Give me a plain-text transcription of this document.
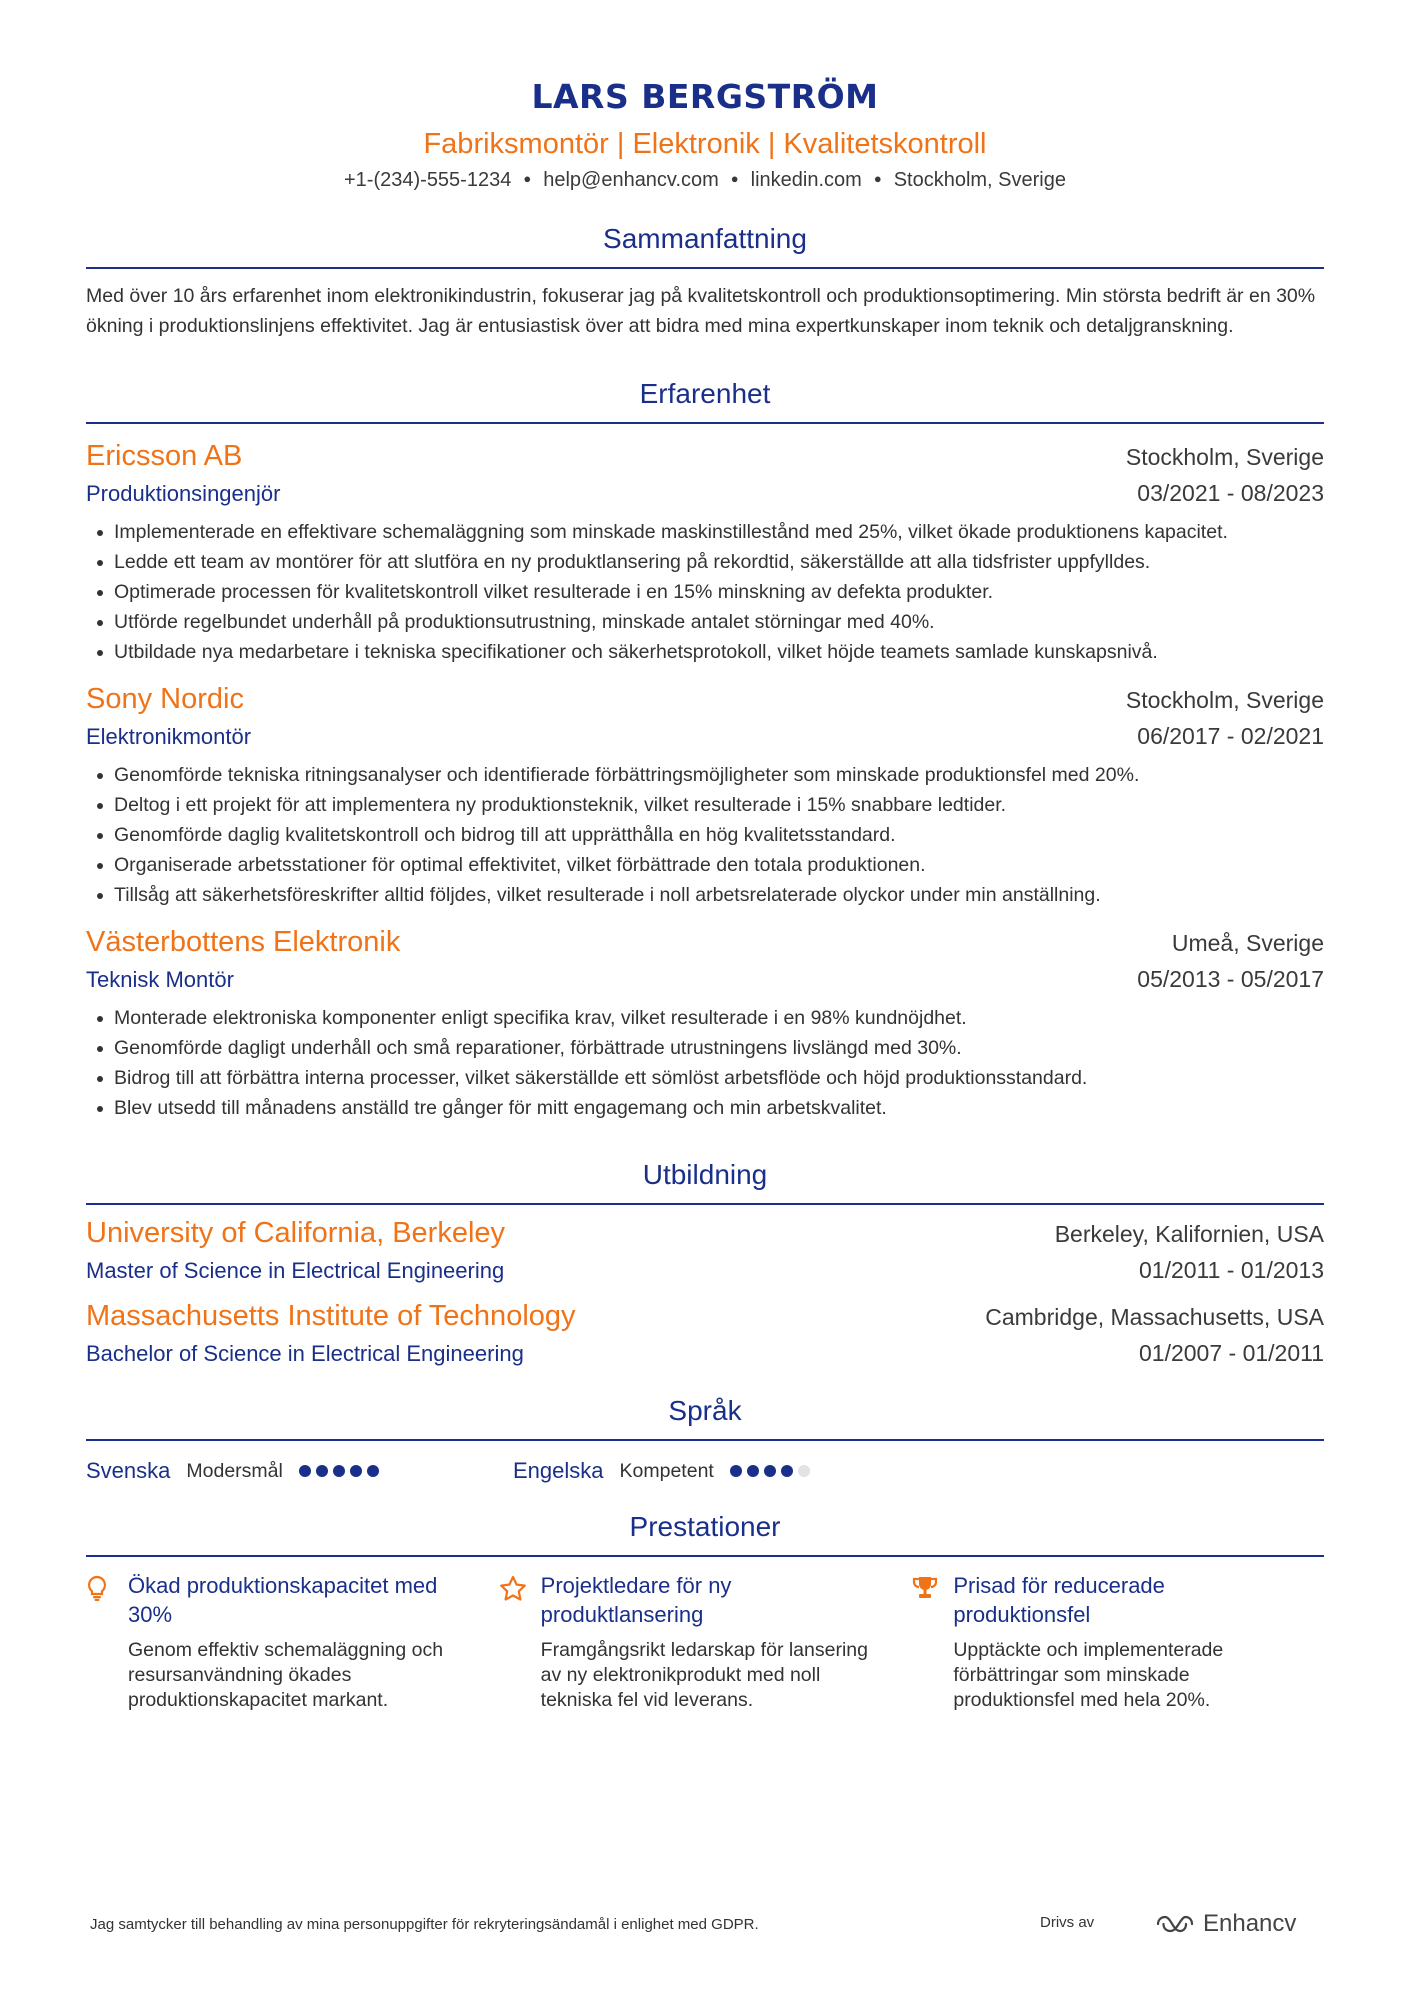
LARS BERGSTRÖM
Fabriksmontör | Elektronik | Kvalitetskontroll
+1-(234)-555-1234 ● help@enhancv.com ● linkedin.com ● Stockholm, Sverige
Sammanfattning
Med över 10 års erfarenhet inom elektronikindustrin, fokuserar jag på kvalitetskontroll och produktionsoptimering. Min största bedrift är en 30% ökning i produktionslinjens effektivitet. Jag är entusiastisk över att bidra med mina expertkunskaper inom teknik och detaljgranskning.
Erfarenhet
Ericsson AB	Stockholm, Sverige
Produktionsingenjör	03/2021 - 08/2023
Implementerade en effektivare schemaläggning som minskade maskinstillestånd med 25%, vilket ökade produktionens kapacitet.
Ledde ett team av montörer för att slutföra en ny produktlansering på rekordtid, säkerställde att alla tidsfrister uppfylldes.
Optimerade processen för kvalitetskontroll vilket resulterade i en 15% minskning av defekta produkter.
Utförde regelbundet underhåll på produktionsutrustning, minskade antalet störningar med 40%.
Utbildade nya medarbetare i tekniska specifikationer och säkerhetsprotokoll, vilket höjde teamets samlade kunskapsnivå.
Sony Nordic	Stockholm, Sverige
Elektronikmontör	06/2017 - 02/2021
Genomförde tekniska ritningsanalyser och identifierade förbättringsmöjligheter som minskade produktionsfel med 20%.
Deltog i ett projekt för att implementera ny produktionsteknik, vilket resulterade i 15% snabbare ledtider.
Genomförde daglig kvalitetskontroll och bidrog till att upprätthålla en hög kvalitetsstandard.
Organiserade arbetsstationer för optimal effektivitet, vilket förbättrade den totala produktionen.
Tillsåg att säkerhetsföreskrifter alltid följdes, vilket resulterade i noll arbetsrelaterade olyckor under min anställning.
Västerbottens Elektronik	Umeå, Sverige
Teknisk Montör	05/2013 - 05/2017
Monterade elektroniska komponenter enligt specifika krav, vilket resulterade i en 98% kundnöjdhet.
Genomförde dagligt underhåll och små reparationer, förbättrade utrustningens livslängd med 30%.
Bidrog till att förbättra interna processer, vilket säkerställde ett sömlöst arbetsflöde och höjd produktionsstandard.
Blev utsedd till månadens anställd tre gånger för mitt engagemang och min arbetskvalitet.
Utbildning
University of California, Berkeley	Berkeley, Kalifornien, USA
Master of Science in Electrical Engineering	01/2011 - 01/2013
Massachusetts Institute of Technology	Cambridge, Massachusetts, USA
Bachelor of Science in Electrical Engineering	01/2007 - 01/2011
Språk
Svenska Modersmål	Engelska Kompetent
Prestationer
Ökad produktionskapacitet med 30%
Genom effektiv schemaläggning och resursanvändning ökades produktionskapacitet markant.
Projektledare för ny produktlansering
Framgångsrikt ledarskap för lansering av ny elektronikprodukt med noll tekniska fel vid leverans.
Prisad för reducerade produktionsfel
Upptäckte och implementerade förbättringar som minskade produktionsfel med hela 20%.
Jag samtycker till behandling av mina personuppgifter för rekryteringsändamål i enlighet med GDPR.	Drivs av	Enhancv
